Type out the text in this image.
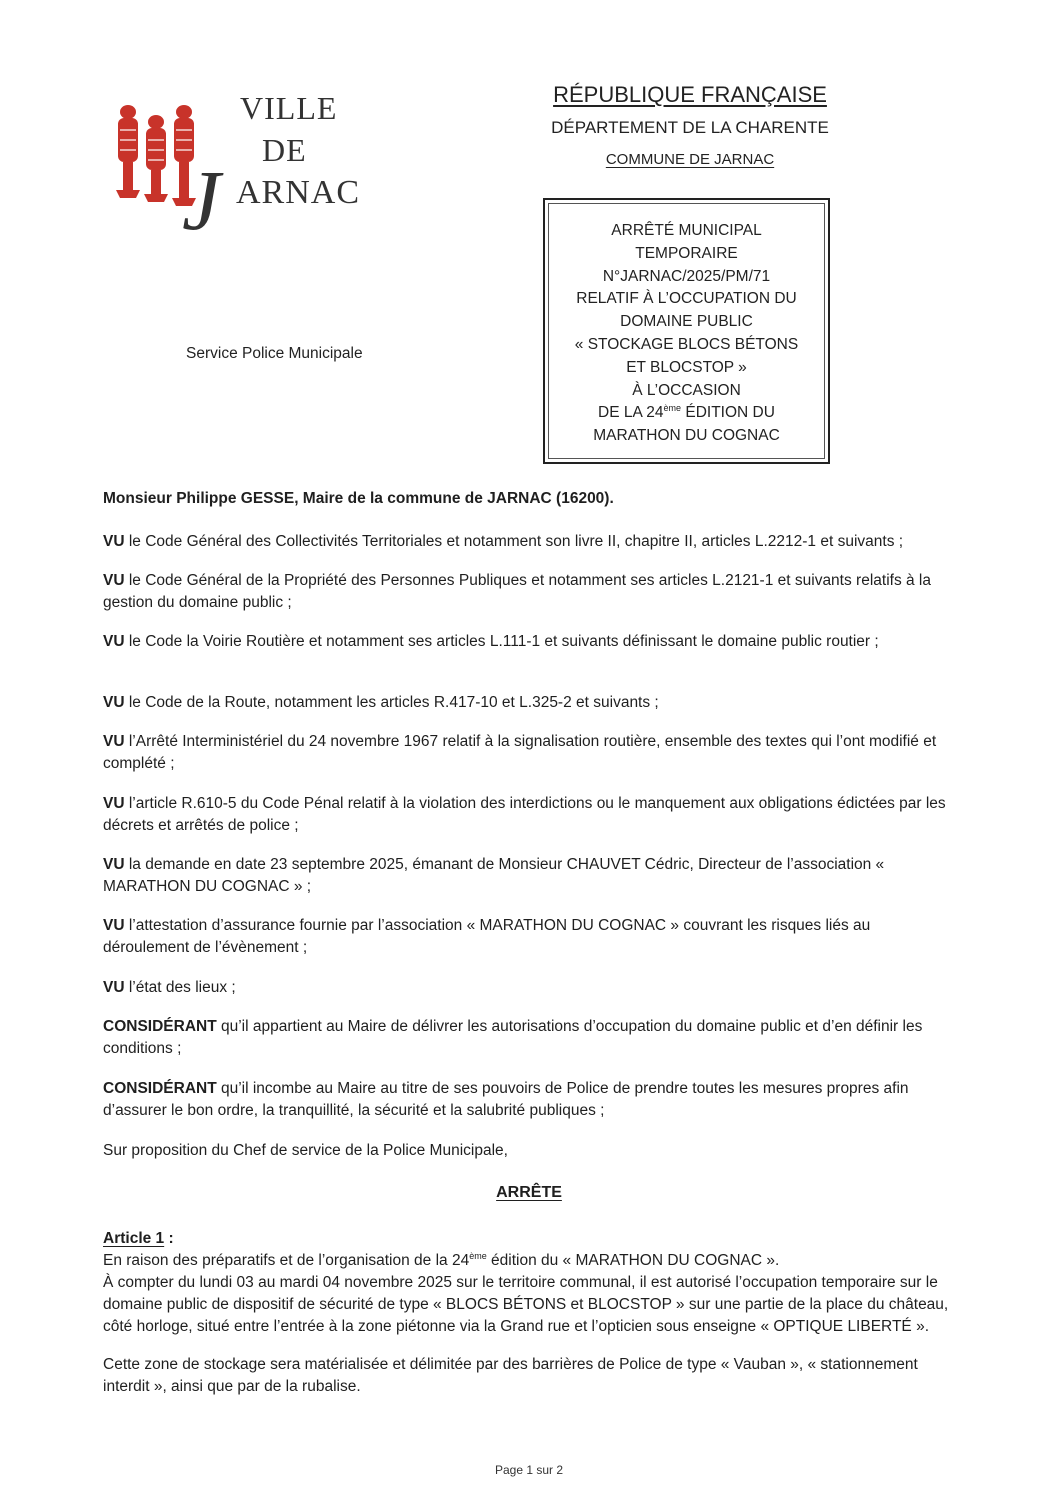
VILLE
DE
J ARNAC
RÉPUBLIQUE FRANÇAISE
DÉPARTEMENT DE LA CHARENTE
COMMUNE DE JARNAC
ARRÊTÉ MUNICIPAL
TEMPORAIRE
N°JARNAC/2025/PM/71
RELATIF À L’OCCUPATION DU
DOMAINE PUBLIC
« STOCKAGE BLOCS BÉTONS
ET BLOCSTOP »
À L’OCCASION
DE LA 24ème ÉDITION DU
MARATHON DU COGNAC
Service Police Municipale
Monsieur Philippe GESSE, Maire de la commune de JARNAC (16200).
VU le Code Général des Collectivités Territoriales et notamment son livre II, chapitre II, articles L.2212-1 et suivants ;
VU le Code Général de la Propriété des Personnes Publiques et notamment ses articles L.2121-1 et suivants relatifs à la gestion du domaine public ;
VU le Code la Voirie Routière et notamment ses articles L.111-1 et suivants définissant le domaine public routier ;
VU le Code de la Route, notamment les articles R.417-10 et L.325-2 et suivants ;
VU l’Arrêté Interministériel du 24 novembre 1967 relatif à la signalisation routière, ensemble des textes qui l’ont modifié et complété ;
VU l’article R.610-5 du Code Pénal relatif à la violation des interdictions ou le manquement aux obligations édictées par les décrets et arrêtés de police ;
VU la demande en date 23 septembre 2025, émanant de Monsieur CHAUVET Cédric, Directeur de l’association « MARATHON DU COGNAC » ;
VU l’attestation d’assurance fournie par l’association « MARATHON DU COGNAC » couvrant les risques liés au déroulement de l’évènement ;
VU l’état des lieux ;
CONSIDÉRANT qu’il appartient au Maire de délivrer les autorisations d’occupation du domaine public et d’en définir les conditions ;
CONSIDÉRANT qu’il incombe au Maire au titre de ses pouvoirs de Police de prendre toutes les mesures propres afin d’assurer le bon ordre, la tranquillité, la sécurité et la salubrité publiques ;
Sur proposition du Chef de service de la Police Municipale,
ARRÊTE
Article 1 :
En raison des préparatifs et de l’organisation de la 24ème édition du « MARATHON DU COGNAC ».
À compter du lundi 03 au mardi 04 novembre 2025 sur le territoire communal, il est autorisé l’occupation temporaire sur le domaine public de dispositif de sécurité de type « BLOCS BÉTONS et BLOCSTOP » sur une partie de la place du château, côté horloge, situé entre l’entrée à la zone piétonne via la Grand rue et l’opticien sous enseigne « OPTIQUE LIBERTÉ ».
Cette zone de stockage sera matérialisée et délimitée par des barrières de Police de type « Vauban », « stationnement interdit », ainsi que par de la rubalise.
Page 1 sur 2
